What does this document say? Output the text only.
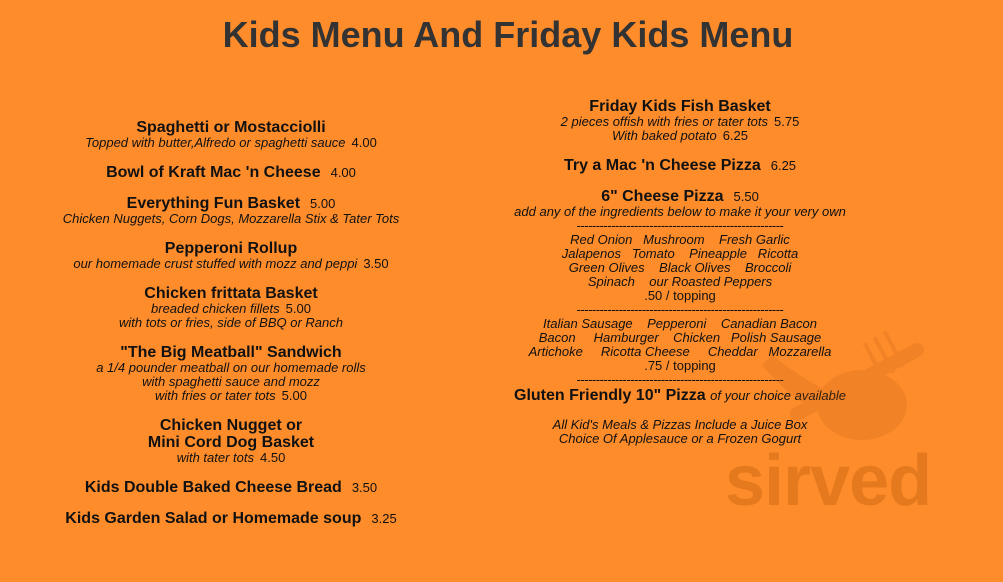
Kids Menu And Friday Kids Menu
Spaghetti or Mostacciolli
Topped with butter,Alfredo or spaghetti sauce 4.00
Bowl of Kraft Mac 'n Cheese 4.00
Everything Fun Basket 5.00
Chicken Nuggets, Corn Dogs, Mozzarella Stix & Tater Tots
Pepperoni Rollup
our homemade crust stuffed with mozz and peppi 3.50
Chicken frittata Basket
breaded chicken fillets 5.00
with tots or fries, side of BBQ or Ranch
"The Big Meatball" Sandwich
a 1/4 pounder meatball on our homemade rolls
with spaghetti sauce and mozz
with fries or tater tots 5.00
Chicken Nugget or
Mini Cord Dog Basket
with tater tots 4.50
Kids Double Baked Cheese Bread 3.50
Kids Garden Salad or Homemade soup 3.25
Friday Kids Fish Basket
2 pieces offish with fries or tater tots 5.75
With baked potato 6.25
Try a Mac 'n Cheese Pizza 6.25
6" Cheese Pizza 5.50
add any of the ingredients below to make it your very own
------------------------------------------------------
Red Onion   Mushroom    Fresh Garlic
Jalapenos   Tomato    Pineapple   Ricotta
Green Olives    Black Olives    Broccoli
Spinach    our Roasted Peppers
.50 / topping
------------------------------------------------------
Italian Sausage    Pepperoni    Canadian Bacon
Bacon     Hamburger    Chicken   Polish Sausage
Artichoke     Ricotta Cheese     Cheddar   Mozzarella
.75 / topping
------------------------------------------------------
Gluten Friendly 10" Pizza of your choice available
All Kid's Meals & Pizzas Include a Juice Box
Choice Of Applesauce or a Frozen Gogurt
sirved
